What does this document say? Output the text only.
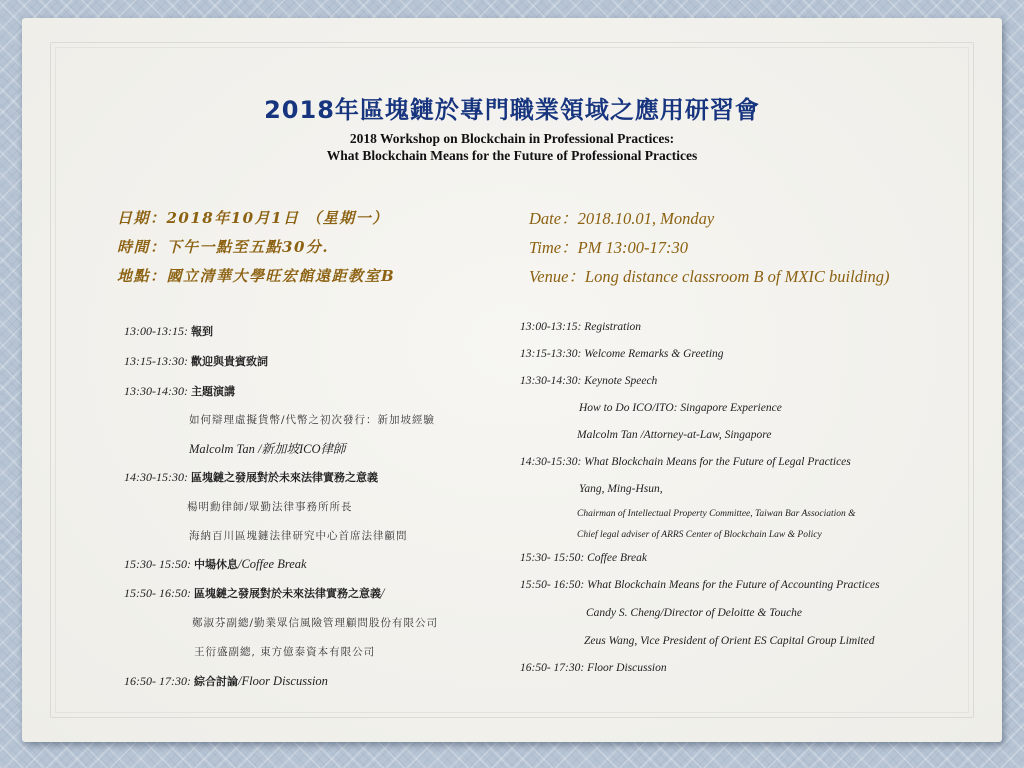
2018年區塊鏈於專門職業領域之應用研習會
2018 Workshop on Blockchain in Professional Practices:
What Blockchain Means for the Future of Professional Practices
日期：2018年10月1日 （星期一）
時間：下午一點至五點30分.
地點：國立清華大學旺宏館遠距教室B
Date：2018.10.01, Monday
Time：PM 13:00-17:30
Venue：Long distance classroom B of MXIC building)
13:00-13:15: 報到
13:15-13:30: 歡迎與貴賓致詞
13:30-14:30: 主題演講
如何辯理虛擬貨幣/代幣之初次發行：新加坡經驗
Malcolm Tan /新加坡ICO律師
14:30-15:30: 區塊鏈之發展對於未來法律實務之意義
楊明勳律師/眾勤法律事務所所長
海納百川區塊鏈法律研究中心首席法律顧問
15:30- 15:50: 中場休息/Coffee Break
15:50- 16:50: 區塊鏈之發展對於未來法律實務之意義/
鄭淑芬副總/勤業眾信風險管理顧問股份有限公司
王衍盛副總, 東方億泰資本有限公司
16:50- 17:30: 綜合討論/Floor Discussion
13:00-13:15: Registration
13:15-13:30: Welcome Remarks & Greeting
13:30-14:30: Keynote Speech
How to Do ICO/ITO: Singapore Experience
Malcolm Tan /Attorney-at-Law, Singapore
14:30-15:30: What Blockchain Means for the Future of Legal Practices
Yang, Ming-Hsun,
Chairman of Intellectual Property Committee, Taiwan Bar Association &
Chief legal adviser of ARRS Center of Blockchain Law & Policy
15:30- 15:50: Coffee Break
15:50- 16:50: What Blockchain Means for the Future of Accounting Practices
Candy S. Cheng/Director of Deloitte & Touche
Zeus Wang, Vice President of Orient ES Capital Group Limited
16:50- 17:30: Floor Discussion
